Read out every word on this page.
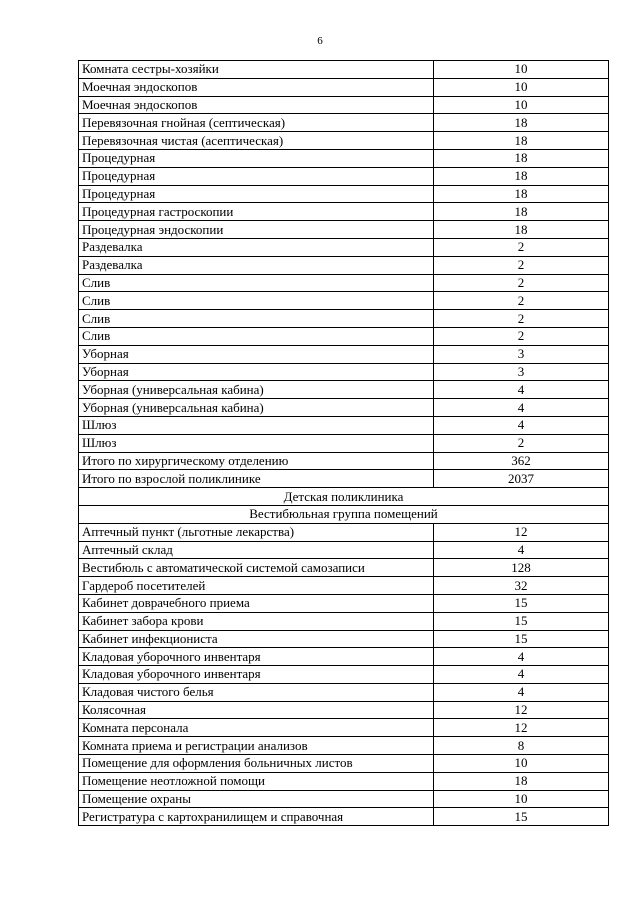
6
Комната сестры-хозяйки	10
Моечная эндоскопов	10
Моечная эндоскопов	10
Перевязочная гнойная (септическая)	18
Перевязочная чистая (асептическая)	18
Процедурная	18
Процедурная	18
Процедурная	18
Процедурная гастроскопии	18
Процедурная эндоскопии	18
Раздевалка	2
Раздевалка	2
Слив	2
Слив	2
Слив	2
Слив	2
Уборная	3
Уборная	3
Уборная (универсальная кабина)	4
Уборная (универсальная кабина)	4
Шлюз	4
Шлюз	2
Итого по хирургическому отделению	362
Итого по взрослой поликлинике	2037
Детская поликлиника	
Вестибюльная группа помещений	
Аптечный пункт (льготные лекарства)	12
Аптечный склад	4
Вестибюль с автоматической системой самозаписи	128
Гардероб посетителей	32
Кабинет доврачебного приема	15
Кабинет забора крови	15
Кабинет инфекциониста	15
Кладовая уборочного инвентаря	4
Кладовая уборочного инвентаря	4
Кладовая чистого белья	4
Колясочная	12
Комната персонала	12
Комната приема и регистрации анализов	8
Помещение для оформления больничных листов	10
Помещение неотложной помощи	18
Помещение охраны	10
Регистратура с картохранилищем и справочная	15
